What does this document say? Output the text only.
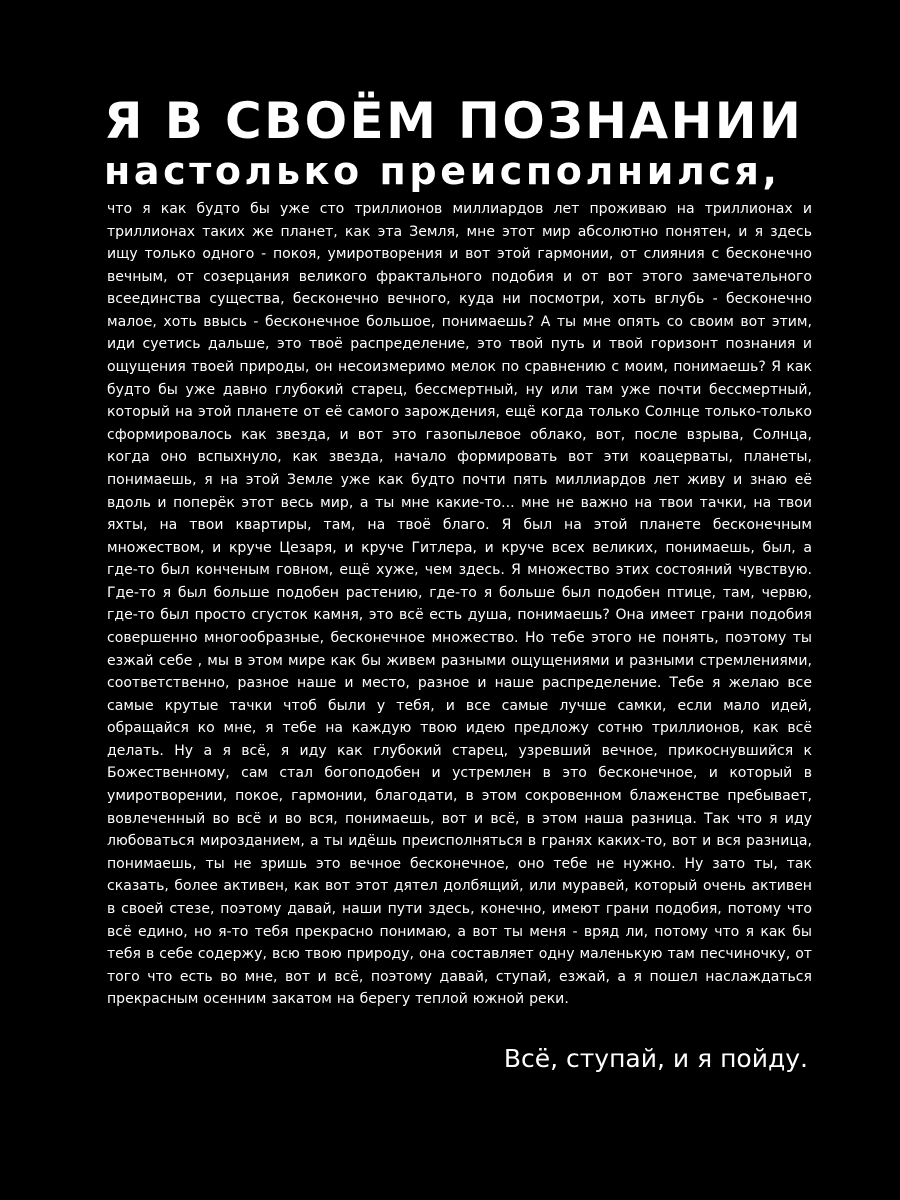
Я В СВОЁМ ПОЗНАНИИ
настолько преисполнился,

что я как будто бы уже сто триллионов миллиардов лет проживаю на триллионах и триллионах таких же планет, как эта Земля, мне этот мир абсолютно понятен, и я здесь ищу только одного - покоя, умиротворения и вот этой гармонии, от слияния с бесконечно вечным, от созерцания великого фрактального подобия и от вот этого замечательного всеединства существа, бесконечно вечного, куда ни посмотри, хоть вглубь - бесконечно малое, хоть ввысь - бесконечное большое, понимаешь? А ты мне опять со своим вот этим, иди суетись дальше, это твоё распределение, это твой путь и твой горизонт познания и ощущения твоей природы, он несоизмеримо мелок по сравнению с моим, понимаешь? Я как будто бы уже давно глубокий старец, бессмертный, ну или там уже почти бессмертный, который на этой планете от её самого зарождения, ещё когда только Солнце только-только сформировалось как звезда, и вот это газопылевое облако, вот, после взрыва, Солнца, когда оно вспыхнуло, как звезда, начало формировать вот эти коацерваты, планеты, понимаешь, я на этой Земле уже как будто почти пять миллиардов лет живу и знаю её вдоль и поперёк этот весь мир, а ты мне какие-то... мне не важно на твои тачки, на твои яхты, на твои квартиры, там, на твоё благо. Я был на этой планете бесконечным множеством, и круче Цезаря, и круче Гитлера, и круче всех великих, понимаешь, был, а где-то был конченым говном, ещё хуже, чем здесь. Я множество этих состояний чувствую. Где-то я был больше подобен растению, где-то я больше был подобен птице, там, червю, где-то был просто сгусток камня, это всё есть душа, понимаешь? Она имеет грани подобия совершенно многообразные, бесконечное множество. Но тебе этого не понять, поэтому ты езжай себе , мы в этом мире как бы живем разными ощущениями и разными стремлениями, соответственно, разное наше и место, разное и наше распределение. Тебе я желаю все самые крутые тачки чтоб были у тебя, и все самые лучше самки, если мало идей, обращайся ко мне, я тебе на каждую твою идею предложу сотню триллионов, как всё делать. Ну а я всё, я иду как глубокий старец, узревший вечное, прикоснувшийся к Божественному, сам стал богоподобен и устремлен в это бесконечное, и который в умиротворении, покое, гармонии, благодати, в этом сокровенном блаженстве пребывает, вовлеченный во всё и во вся, понимаешь, вот и всё, в этом наша разница. Так что я иду любоваться мирозданием, а ты идёшь преисполняться в гранях каких-то, вот и вся разница, понимаешь, ты не зришь это вечное бесконечное, оно тебе не нужно. Ну зато ты, так сказать, более активен, как вот этот дятел долбящий, или муравей, который очень активен в своей стезе, поэтому давай, наши пути здесь, конечно, имеют грани подобия, потому что всё едино, но я-то тебя прекрасно понимаю, а вот ты меня - вряд ли, потому что я как бы тебя в себе содержу, всю твою природу, она составляет одну маленькую там песчиночку, от того что есть во мне, вот и всё, поэтому давай, ступай, езжай, а я пошел наслаждаться прекрасным осенним закатом на берегу теплой южной реки.

Всё, ступай, и я пойду.
